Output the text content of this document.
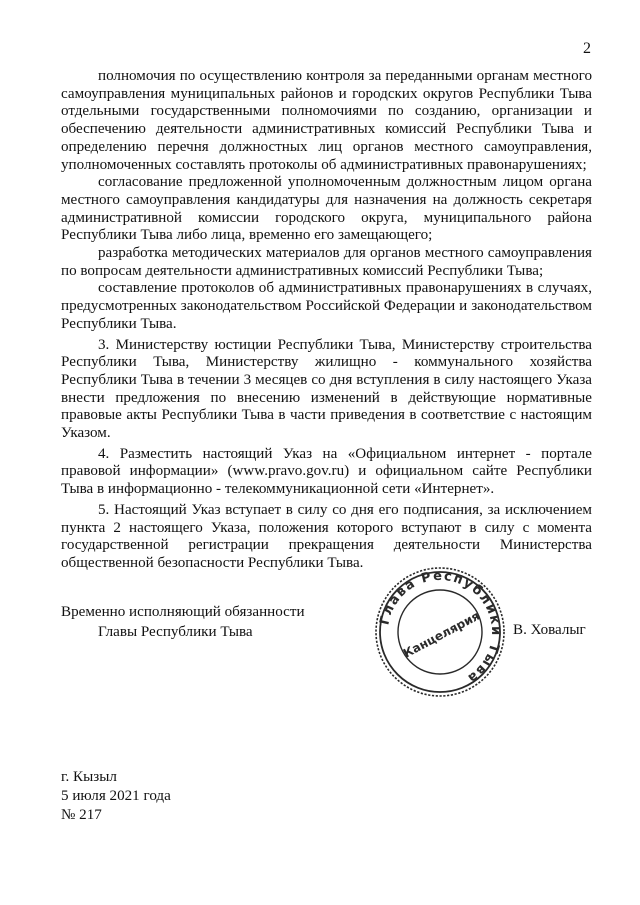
2

полномочия по осуществлению контроля за переданными органам местного самоуправления муниципальных районов и городских округов Республики Тыва отдельными государственными полномочиями по созданию, организации и обеспечению деятельности административных комиссий Республики Тыва и определению перечня должностных лиц органов местного самоуправления, уполномоченных составлять протоколы об административных правонарушениях;

согласование предложенной уполномоченным должностным лицом органа местного самоуправления кандидатуры для назначения на должность секретаря административной комиссии городского округа, муниципального района Республики Тыва либо лица, временно его замещающего;

разработка методических материалов для органов местного самоуправления по вопросам деятельности административных комиссий Республики Тыва;

составление протоколов об административных правонарушениях в случаях, предусмотренных законодательством Российской Федерации и законодательством Республики Тыва.

3. Министерству юстиции Республики Тыва, Министерству строительства Республики Тыва, Министерству жилищно - коммунального хозяйства Республики Тыва в течении 3 месяцев со дня вступления в силу настоящего Указа внести предложения по внесению изменений в действующие нормативные правовые акты Республики Тыва в части приведения в соответствие с настоящим Указом.

4. Разместить настоящий Указ на «Официальном интернет - портале правовой информации» (www.pravo.gov.ru) и официальном сайте Республики Тыва в информационно - телекоммуникационной сети «Интернет».

5. Настоящий Указ вступает в силу со дня его подписания, за исключением пункта 2 настоящего Указа, положения которого вступают в силу с момента государственной регистрации прекращения деятельности Министерства общественной безопасности Республики Тыва.

Временно исполняющий обязанности
Главы Республики Тыва
Глава Республики Тыва
Канцелярия В. Ховалыг
г. Кызыл
5 июля 2021 года
№ 217
